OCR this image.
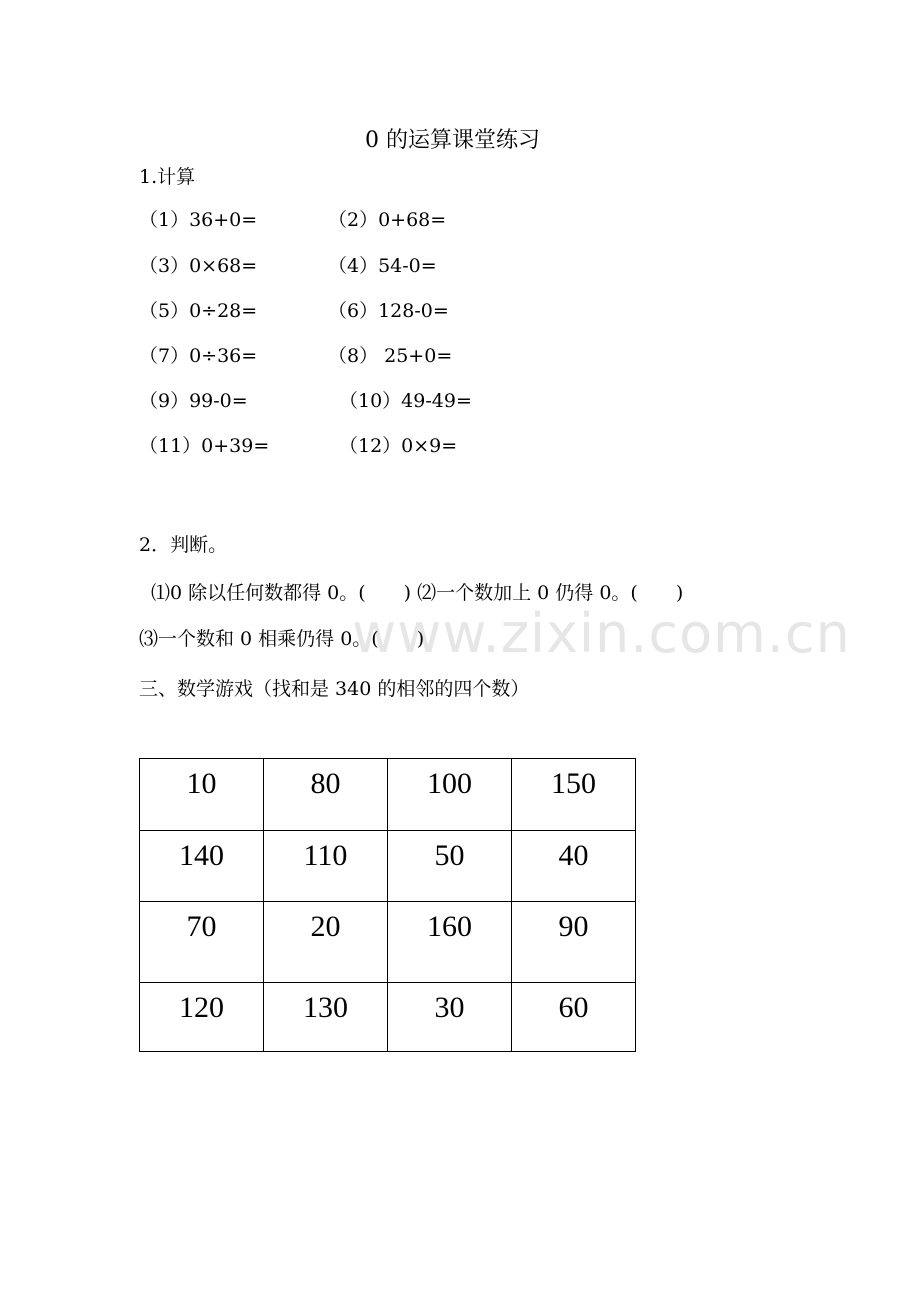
www.zixin.com.cn
0 的运算课堂练习
1.计算
（1）36+0=	（2）0+68=
（3）0×68=	（4）54-0=
（5）0÷28=	（6）128-0=
（7）0÷36=	（8） 25+0=
（9）99-0=	（10）49-49=
（11）0+39=	（12）0×9=
2．判断。
⑴0 除以任何数都得 0。(　　) ⑵一个数加上 0 仍得 0。(　　)
⑶一个数和 0 相乘仍得 0。(　　)
三、数学游戏（找和是 340 的相邻的四个数）
10	80	100	150
140	110	50	40
70	20	160	90
120	130	30	60
